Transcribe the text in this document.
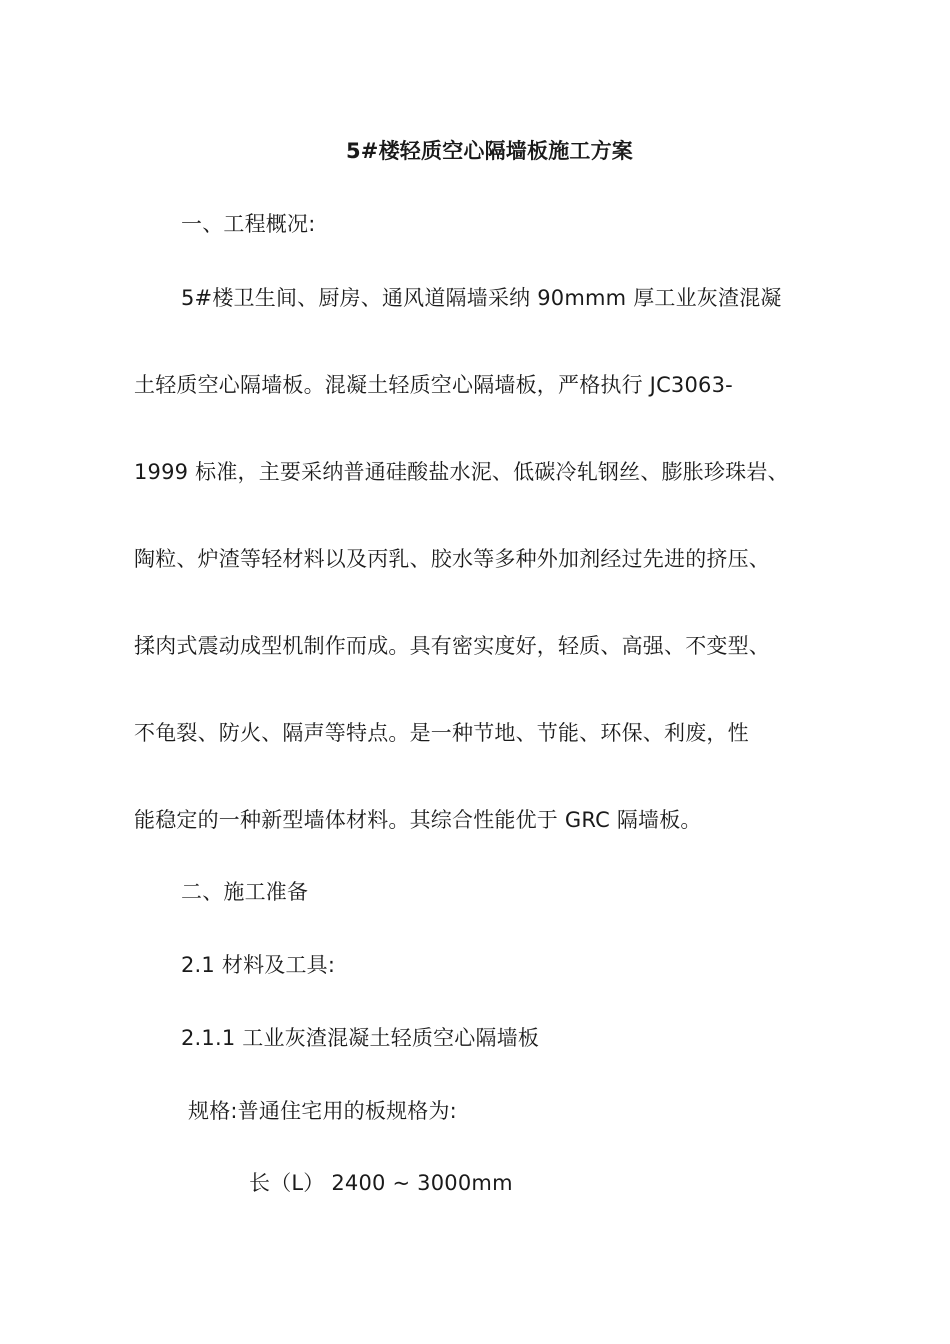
5#楼轻质空心隔墙板施工方案
一、工程概况:
5#楼卫生间、厨房、通风道隔墙采纳 90mmm 厚工业灰渣混凝
土轻质空心隔墙板。混凝土轻质空心隔墙板，严格执行 JC3063-
1999 标准，主要采纳普通硅酸盐水泥、低碳冷轧钢丝、膨胀珍珠岩、
陶粒、炉渣等轻材料以及丙乳、胶水等多种外加剂经过先进的挤压、
揉肉式震动成型机制作而成。具有密实度好，轻质、高强、不变型、
不龟裂、防火、隔声等特点。是一种节地、节能、环保、利废，性
能稳定的一种新型墙体材料。其综合性能优于 GRC 隔墙板。
二、施工准备
2.1 材料及工具:
2.1.1 工业灰渣混凝土轻质空心隔墙板
规格:普通住宅用的板规格为:
长（L） 2400 ~ 3000mm
